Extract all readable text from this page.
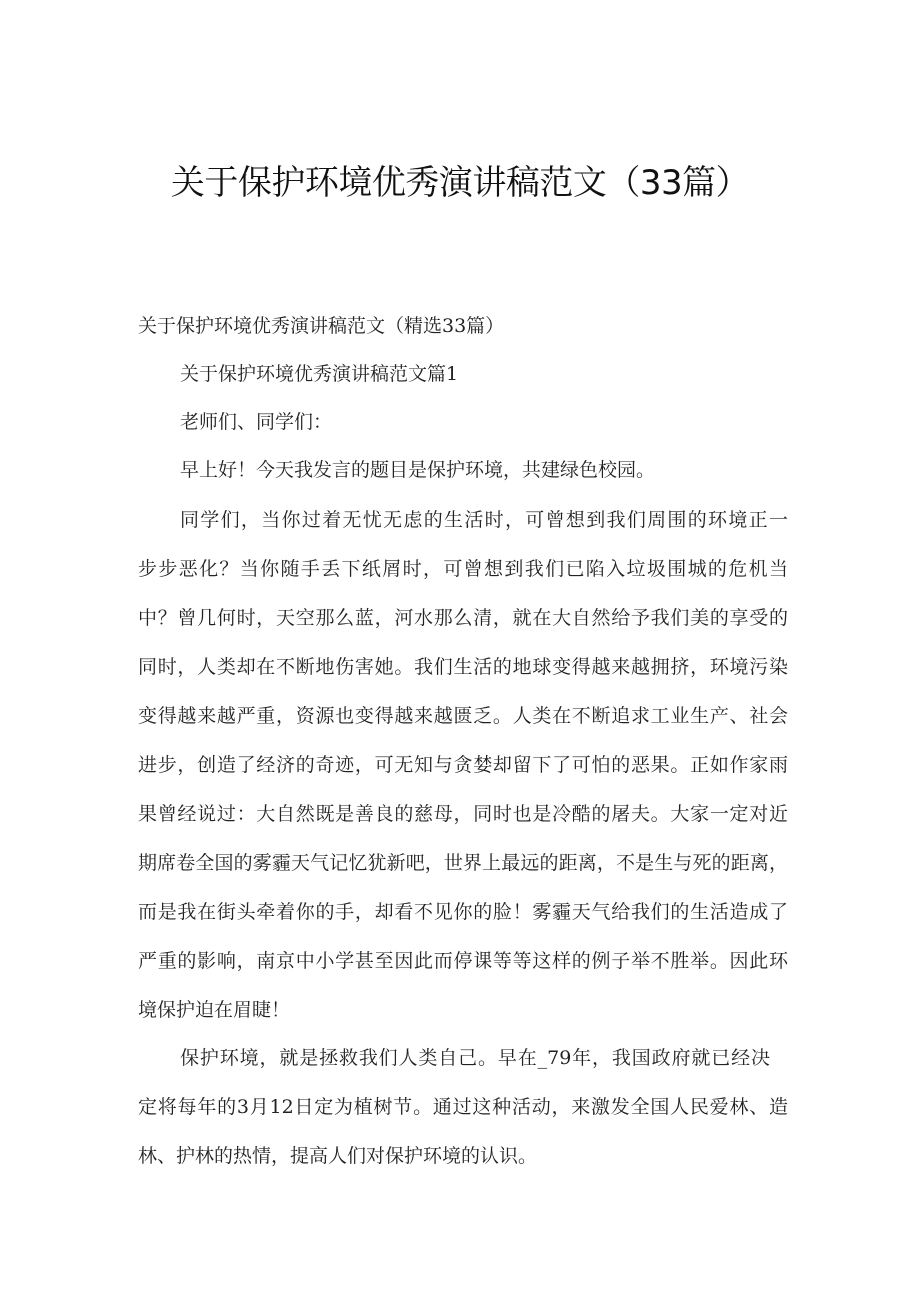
关于保护环境优秀演讲稿范文（33篇）

关于保护环境优秀演讲稿范文（精选33篇）

关于保护环境优秀演讲稿范文篇1

老师们、同学们：

早上好！今天我发言的题目是保护环境，共建绿色校园。

同学们，当你过着无忧无虑的生活时，可曾想到我们周围的环境正一

步步恶化？当你随手丢下纸屑时，可曾想到我们已陷入垃圾围城的危机当

中？曾几何时，天空那么蓝，河水那么清，就在大自然给予我们美的享受的

同时，人类却在不断地伤害她。我们生活的地球变得越来越拥挤，环境污染

变得越来越严重，资源也变得越来越匮乏。人类在不断追求工业生产、社会

进步，创造了经济的奇迹，可无知与贪婪却留下了可怕的恶果。正如作家雨

果曾经说过：大自然既是善良的慈母，同时也是冷酷的屠夫。大家一定对近

期席卷全国的雾霾天气记忆犹新吧，世界上最远的距离，不是生与死的距离，

而是我在街头牵着你的手，却看不见你的脸！雾霾天气给我们的生活造成了

严重的影响，南京中小学甚至因此而停课等等这样的例子举不胜举。因此环

境保护迫在眉睫！

保护环境，就是拯救我们人类自己。早在_79年，我国政府就已经决

定将每年的3月12日定为植树节。通过这种活动，来激发全国人民爱林、造

林、护林的热情，提高人们对保护环境的认识。
